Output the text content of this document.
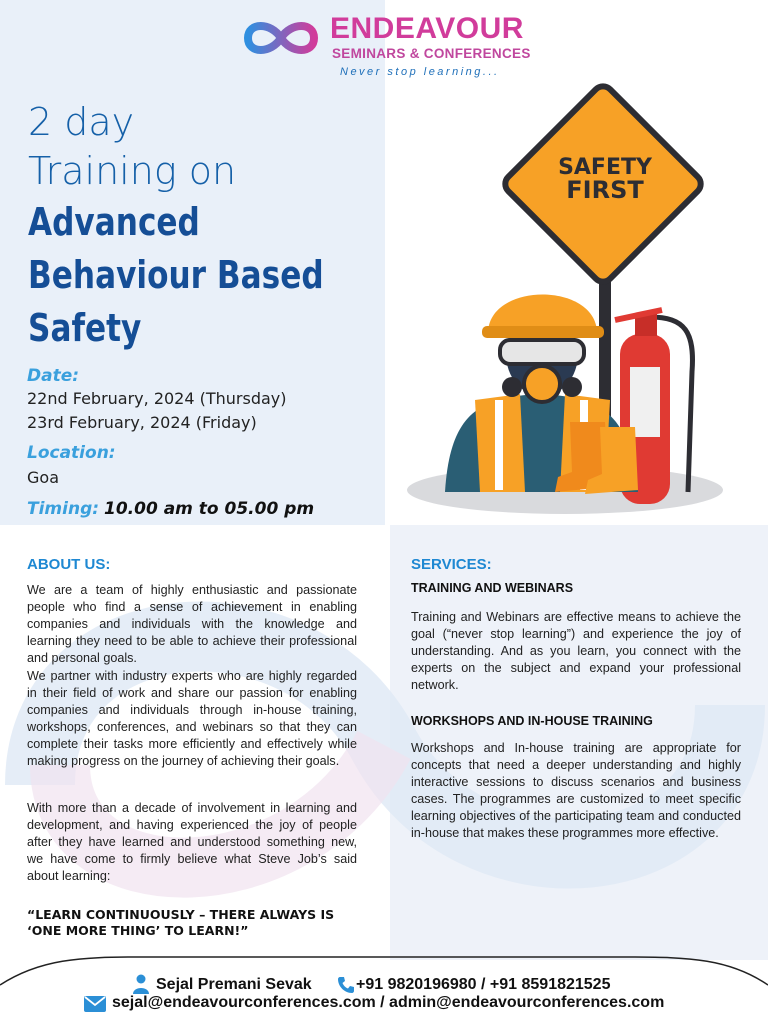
ENDEAVOUR
SEMINARS & CONFERENCES
Never stop learning...
2 day
Training on
Advanced
Behaviour Based
Safety
Date:
22nd February, 2024 (Thursday)
23rd February, 2024 (Friday)
Location:
Goa
Timing: 10.00 am to 05.00 pm
SAFETY
FIRST
ABOUT US:
We are a team of highly enthusiastic and passionate people who find a sense of achievement in enabling companies and individuals with the knowledge and learning they need to be able to achieve their professional and personal goals.
We partner with industry experts who are highly regarded in their field of work and share our passion for enabling companies and individuals through in-house training, workshops, conferences, and webinars so that they can complete their tasks more efficiently and effectively while making progress on the journey of achieving their goals.
With more than a decade of involvement in learning and development, and having experienced the joy of people after they have learned and understood something new, we have come to firmly believe what Steve Job’s said about learning:
“LEARN CONTINUOUSLY – THERE ALWAYS IS ‘ONE MORE THING’ TO LEARN!”
SERVICES:
TRAINING AND WEBINARS
Training and Webinars are effective means to achieve the goal (“never stop learning”) and experience the joy of understanding. And as you learn, you connect with the experts on the subject and expand your professional network.
WORKSHOPS AND IN-HOUSE TRAINING
Workshops and In-house training are appropriate for concepts that need a deeper understanding and highly interactive sessions to discuss scenarios and business cases. The programmes are customized to meet specific learning objectives of the participating team and conducted in-house that makes these programmes more effective.
Sejal Premani Sevak	+91 9820196980 / +91 8591821525
sejal@endeavourconferences.com / admin@endeavourconferences.com
